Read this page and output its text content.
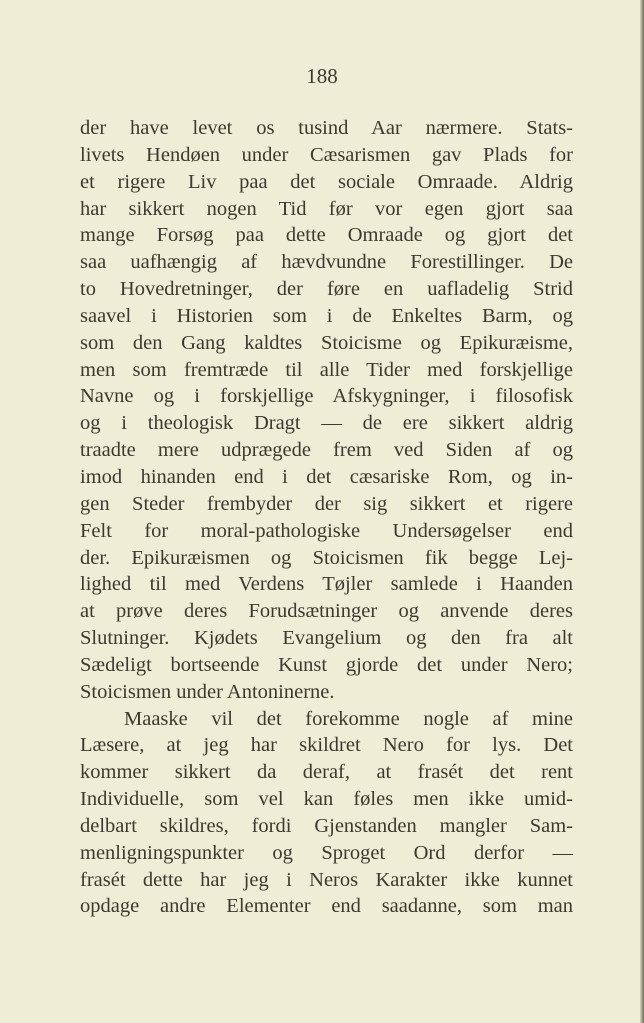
188
der have levet os tusind Aar nærmere. Stats-
livets Hendøen under Cæsarismen gav Plads for
et rigere Liv paa det sociale Omraade. Aldrig
har sikkert nogen Tid før vor egen gjort saa
mange Forsøg paa dette Omraade og gjort det
saa uafhængig af hævdvundne Forestillinger. De
to Hovedretninger, der føre en uafladelig Strid
saavel i Historien som i de Enkeltes Barm, og
som den Gang kaldtes Stoicisme og Epikuræisme,
men som fremtræde til alle Tider med forskjellige
Navne og i forskjellige Afskygninger, i filosofisk
og i theologisk Dragt — de ere sikkert aldrig
traadte mere udprægede frem ved Siden af og
imod hinanden end i det cæsariske Rom, og in-
gen Steder frembyder der sig sikkert et rigere
Felt for moral-pathologiske Undersøgelser end
der. Epikuræismen og Stoicismen fik begge Lej-
lighed til med Verdens Tøjler samlede i Haanden
at prøve deres Forudsætninger og anvende deres
Slutninger. Kjødets Evangelium og den fra alt
Sædeligt bortseende Kunst gjorde det under Nero;
Stoicismen under Antoninerne.
Maaske vil det forekomme nogle af mine
Læsere, at jeg har skildret Nero for lys. Det
kommer sikkert da deraf, at frasét det rent
Individuelle, som vel kan føles men ikke umid-
delbart skildres, fordi Gjenstanden mangler Sam-
menligningspunkter og Sproget Ord derfor —
frasét dette har jeg i Neros Karakter ikke kunnet
opdage andre Elementer end saadanne, som man
